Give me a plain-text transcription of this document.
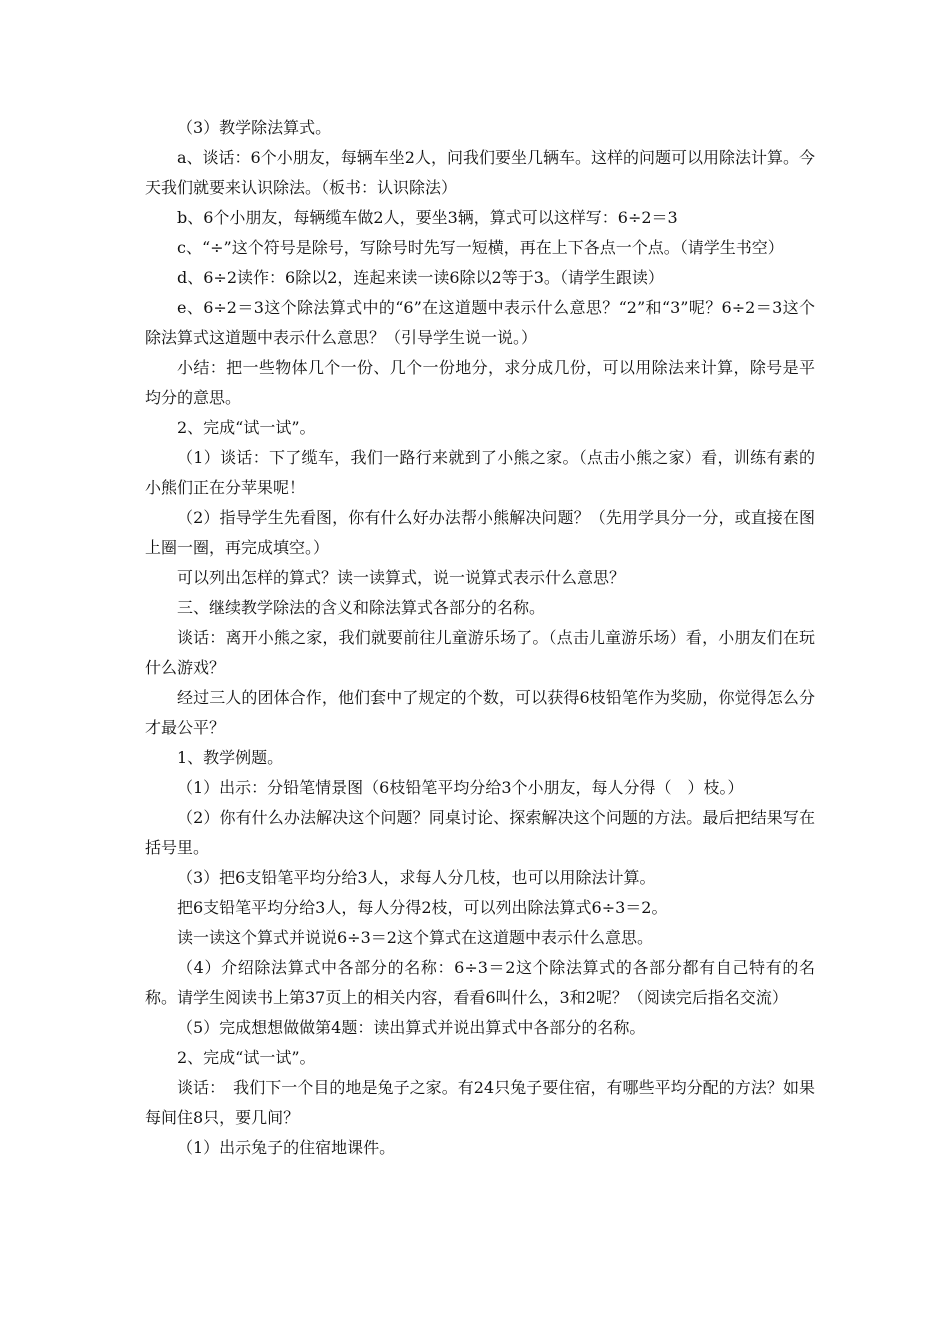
（3）教学除法算式。

a、谈话：6个小朋友，每辆车坐2人，问我们要坐几辆车。这样的问题可以用除法计算。今天我们就要来认识除法。（板书：认识除法）

b、6个小朋友，每辆缆车做2人，要坐3辆，算式可以这样写：6÷2＝3

c、“÷”这个符号是除号，写除号时先写一短横，再在上下各点一个点。（请学生书空）

d、6÷2读作：6除以2，连起来读一读6除以2等于3。（请学生跟读）

e、6÷2＝3这个除法算式中的“6”在这道题中表示什么意思？“2”和“3”呢？6÷2＝3这个除法算式这道题中表示什么意思？（引导学生说一说。）

小结：把一些物体几个一份、几个一份地分，求分成几份，可以用除法来计算，除号是平均分的意思。

2、完成“试一试”。

（1）谈话：下了缆车，我们一路行来就到了小熊之家。（点击小熊之家）看，训练有素的小熊们正在分苹果呢！

（2）指导学生先看图，你有什么好办法帮小熊解决问题？（先用学具分一分，或直接在图上圈一圈，再完成填空。）

可以列出怎样的算式？读一读算式，说一说算式表示什么意思？

三、继续教学除法的含义和除法算式各部分的名称。

谈话：离开小熊之家，我们就要前往儿童游乐场了。（点击儿童游乐场）看，小朋友们在玩什么游戏？

经过三人的团体合作，他们套中了规定的个数，可以获得6枝铅笔作为奖励，你觉得怎么分才最公平？

1、教学例题。

（1）出示：分铅笔情景图（6枝铅笔平均分给3个小朋友，每人分得（　）枝。）

（2）你有什么办法解决这个问题？同桌讨论、探索解决这个问题的方法。最后把结果写在括号里。

（3）把6支铅笔平均分给3人，求每人分几枝，也可以用除法计算。

把6支铅笔平均分给3人，每人分得2枝，可以列出除法算式6÷3＝2。

读一读这个算式并说说6÷3＝2这个算式在这道题中表示什么意思。

（4）介绍除法算式中各部分的名称：6÷3＝2这个除法算式的各部分都有自己特有的名称。请学生阅读书上第37页上的相关内容，看看6叫什么，3和2呢？（阅读完后指名交流）

（5）完成想想做做第4题：读出算式并说出算式中各部分的名称。

2、完成“试一试”。

谈话：　我们下一个目的地是兔子之家。有24只兔子要住宿，有哪些平均分配的方法？如果每间住8只，要几间？

（1）出示兔子的住宿地课件。
